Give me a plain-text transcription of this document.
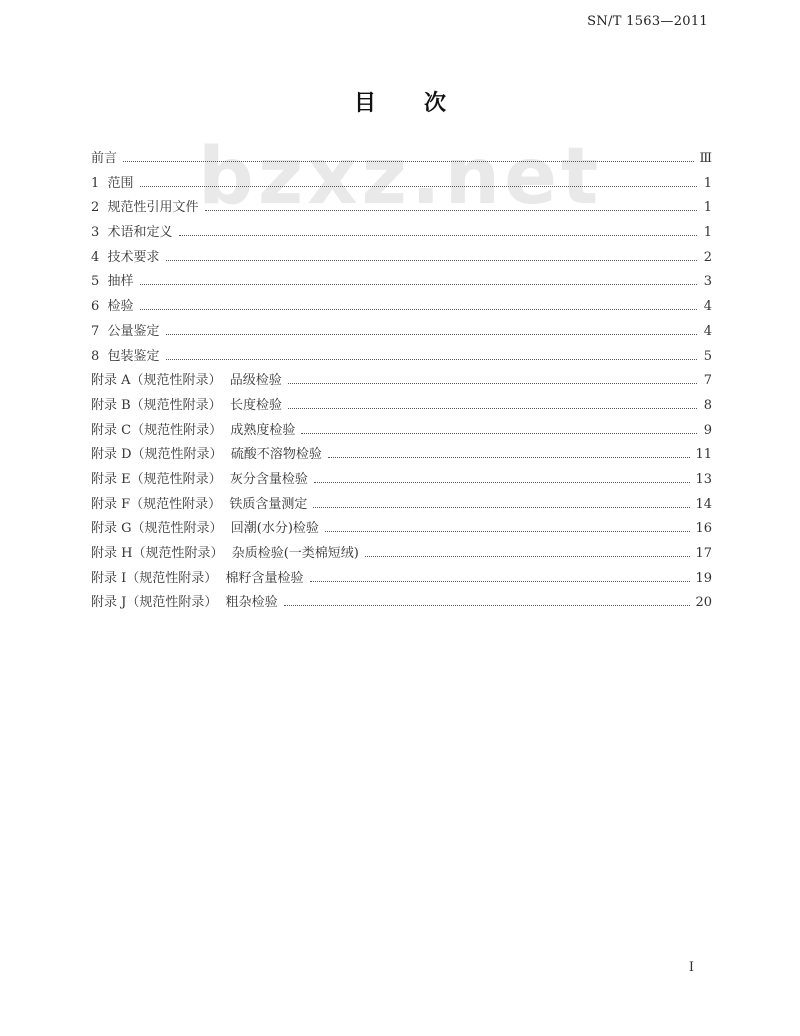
SN/T 1563—2011
bzxz.net
目 次
前言	Ⅲ
1  范围	1
2  规范性引用文件	1
3  术语和定义	1
4  技术要求	2
5  抽样	3
6  检验	4
7  公量鉴定	4
8  包装鉴定	5
附录 A（规范性附录）  品级检验	7
附录 B（规范性附录）  长度检验	8
附录 C（规范性附录）  成熟度检验	9
附录 D（规范性附录）  硫酸不溶物检验	11
附录 E（规范性附录）  灰分含量检验	13
附录 F（规范性附录）  铁质含量测定	14
附录 G（规范性附录）  回潮(水分)检验	16
附录 H（规范性附录）  杂质检验(一类棉短绒)	17
附录 I（规范性附录）  棉籽含量检验	19
附录 J（规范性附录）  粗杂检验	20
I
